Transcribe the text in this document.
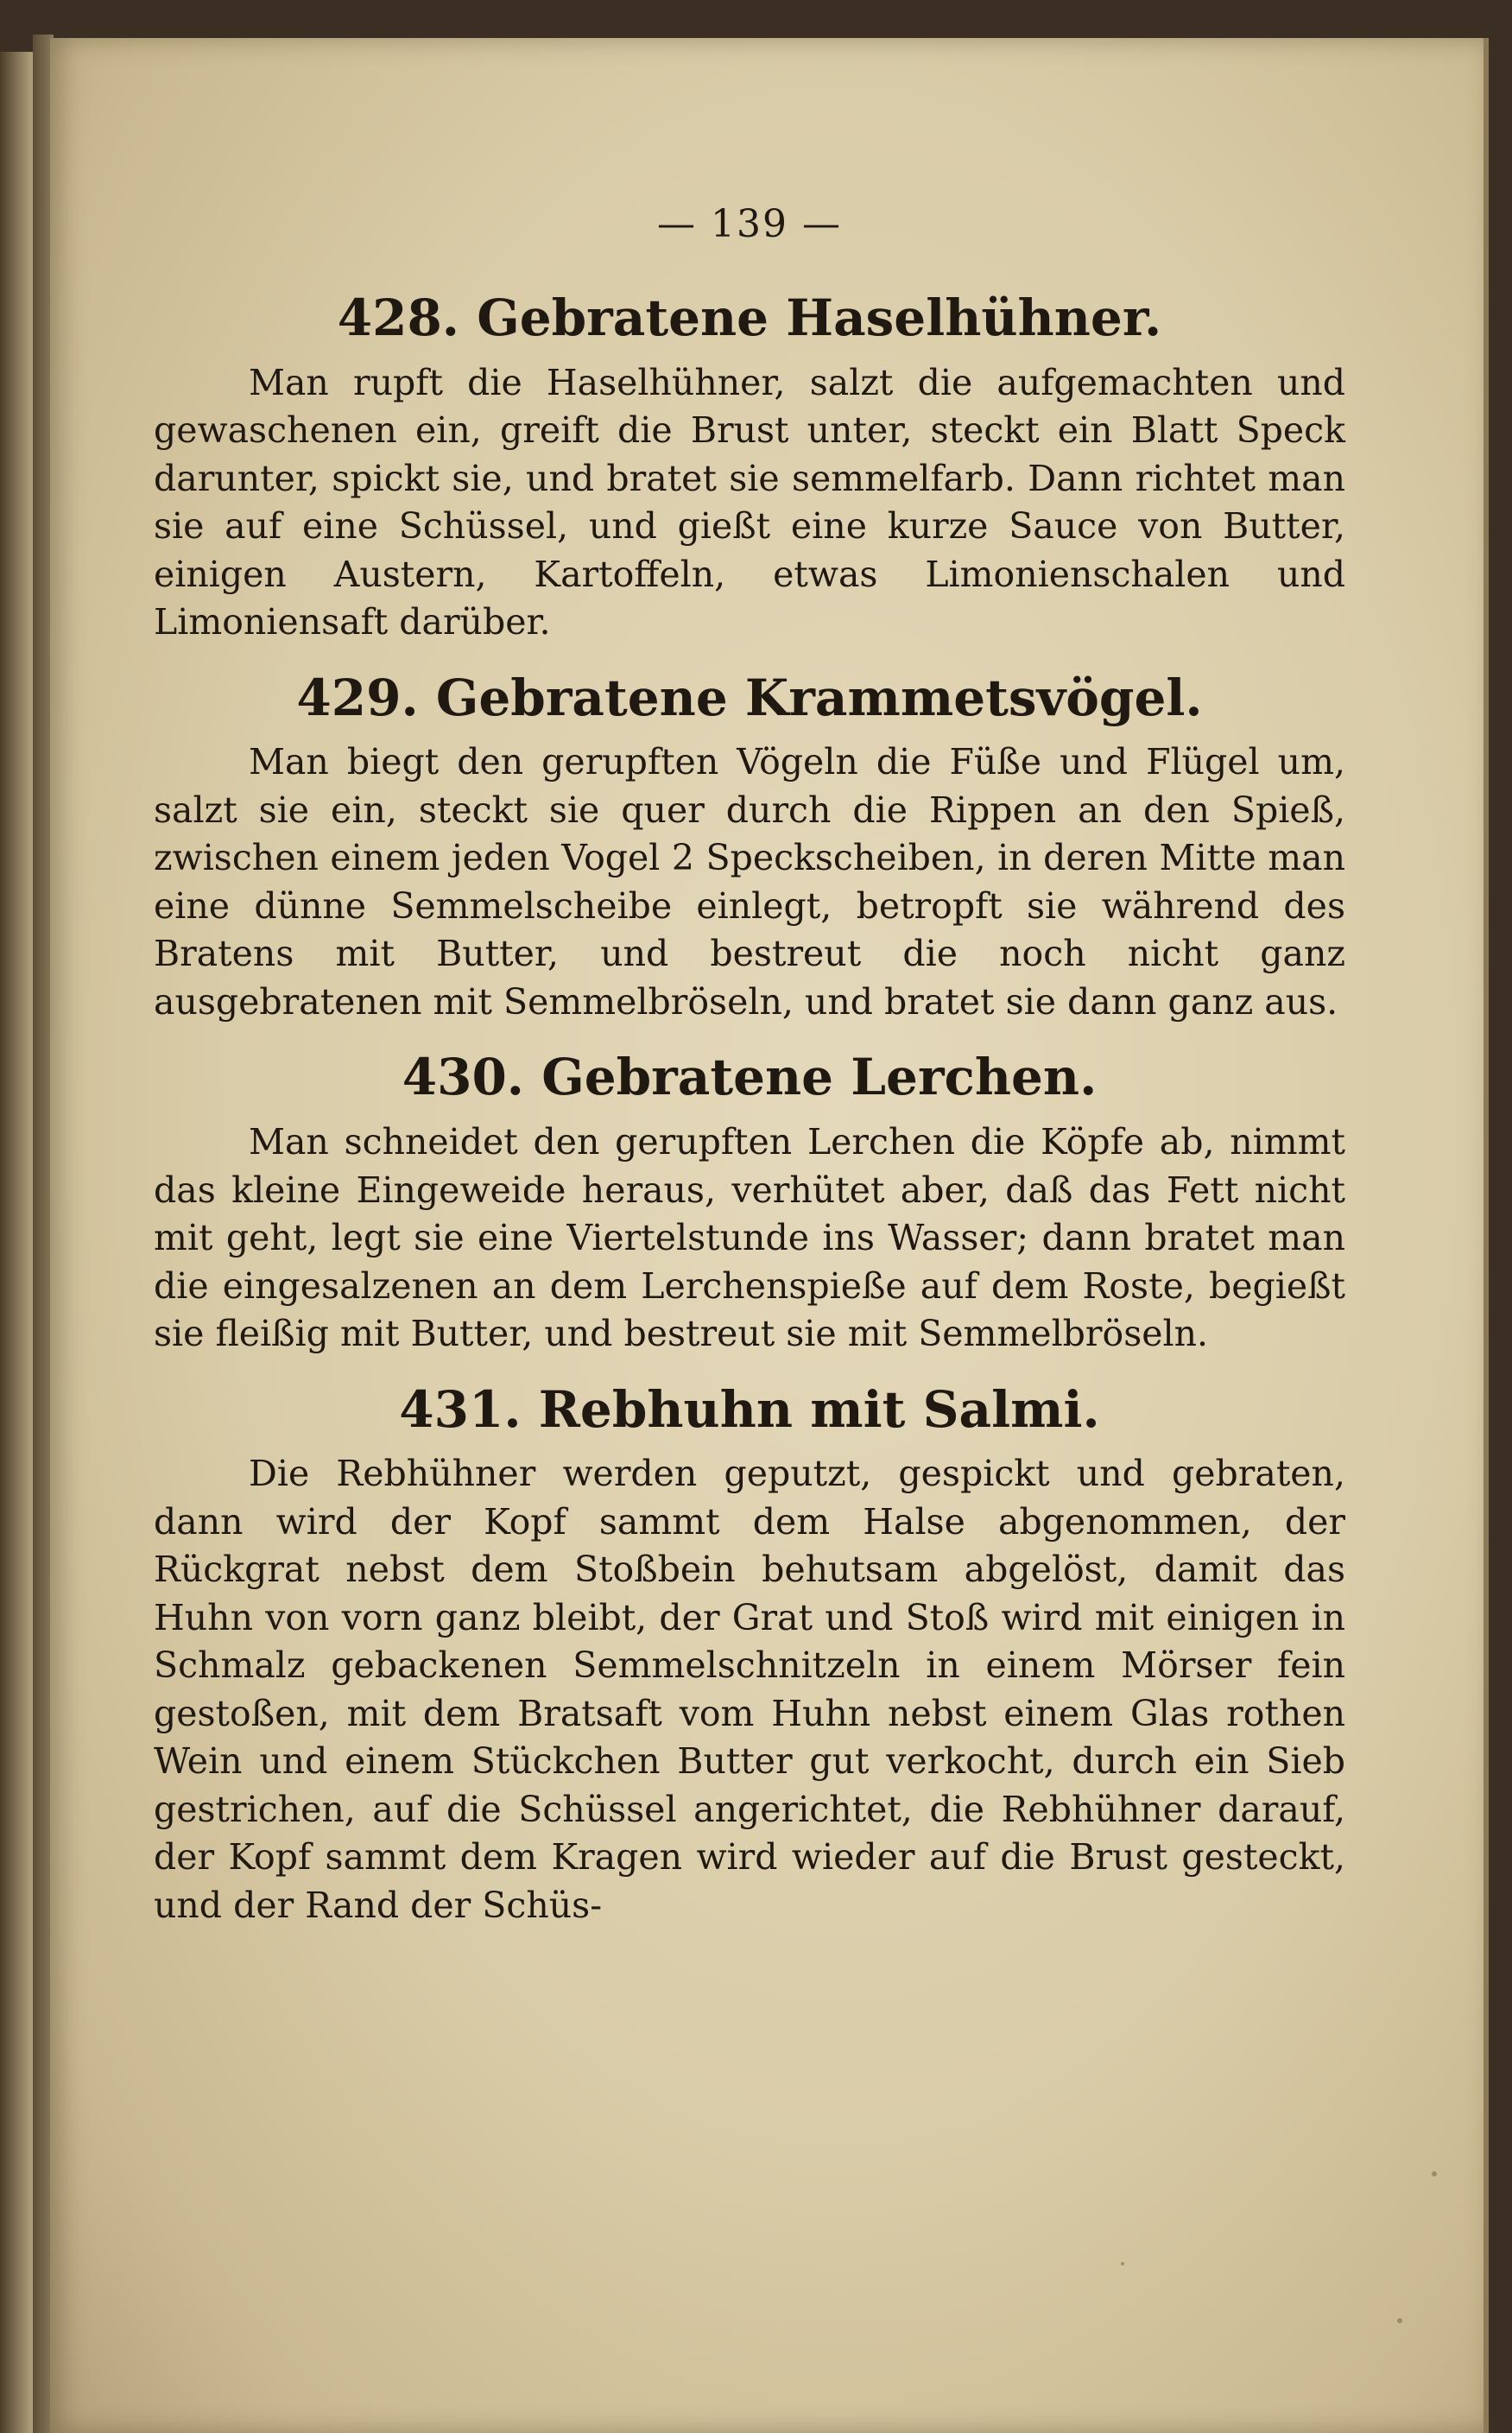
— 139 —
428. Gebratene Haselhühner.

Man rupft die Haselhühner, salzt die aufgemachten und gewaschenen ein, greift die Brust unter, steckt ein Blatt Speck darunter, spickt sie, und bratet sie semmelfarb. Dann richtet man sie auf eine Schüssel, und gießt eine kurze Sauce von Butter, einigen Austern, Kartoffeln, etwas Limonienschalen und Limoniensaft darüber.

429. Gebratene Krammetsvögel.

Man biegt den gerupften Vögeln die Füße und Flügel um, salzt sie ein, steckt sie quer durch die Rippen an den Spieß, zwischen einem jeden Vogel 2 Speckscheiben, in deren Mitte man eine dünne Semmelscheibe einlegt, betropft sie während des Bratens mit Butter, und bestreut die noch nicht ganz ausgebratenen mit Semmelbröseln, und bratet sie dann ganz aus.

430. Gebratene Lerchen.

Man schneidet den gerupften Lerchen die Köpfe ab, nimmt das kleine Eingeweide heraus, verhütet aber, daß das Fett nicht mit geht, legt sie eine Viertelstunde ins Wasser; dann bratet man die eingesalzenen an dem Lerchenspieße auf dem Roste, begießt sie fleißig mit Butter, und bestreut sie mit Semmelbröseln.

431. Rebhuhn mit Salmi.

Die Rebhühner werden geputzt, gespickt und gebraten, dann wird der Kopf sammt dem Halse abgenommen, der Rückgrat nebst dem Stoßbein behutsam abgelöst, damit das Huhn von vorn ganz bleibt, der Grat und Stoß wird mit einigen in Schmalz gebackenen Semmelschnitzeln in einem Mörser fein gestoßen, mit dem Bratsaft vom Huhn nebst einem Glas rothen Wein und einem Stückchen Butter gut verkocht, durch ein Sieb gestrichen, auf die Schüssel angerichtet, die Rebhühner darauf, der Kopf sammt dem Kragen wird wieder auf die Brust gesteckt, und der Rand der Schüs-
